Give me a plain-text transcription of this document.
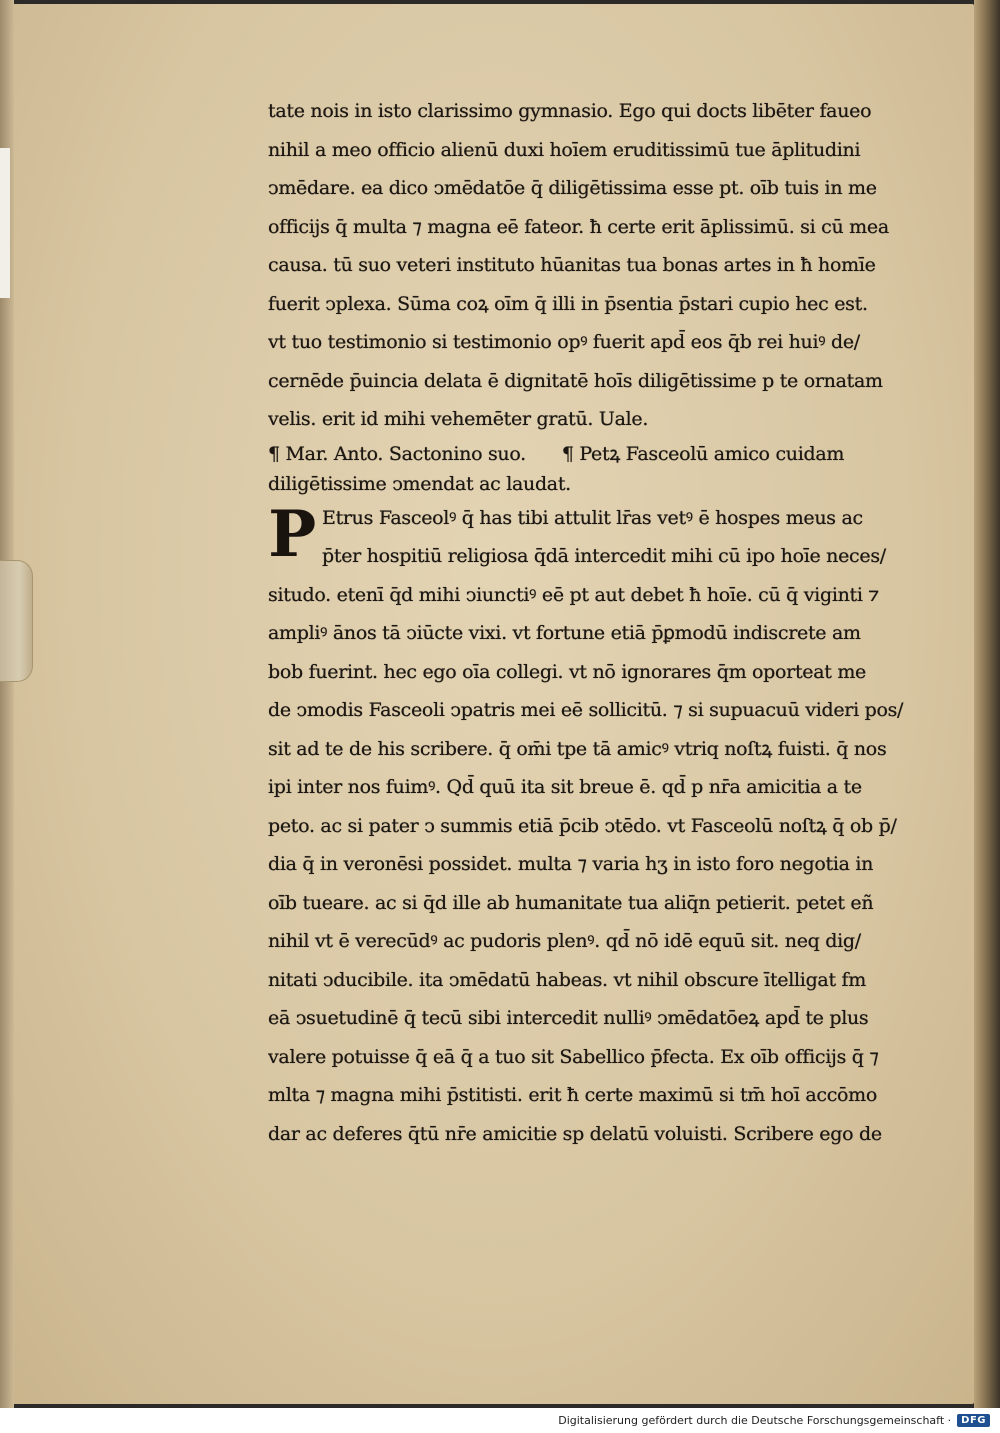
tate nois in isto clarissimo gymnasio. Ego qui docts libēter faueo
nihil a meo officio alienū duxi hoīem eruditissimū tue āplitudini
ↄmēdare. ea dico ↄmēdatōe q̄ diligētissima esse pt. oīb tuis in me
officijs q̄ multa ⁊ magna eē fateor. ħ certe erit āplissimū. si cū mea
causa. tū suo veteri instituto hūanitas tua bonas artes in ħ homīe
fuerit ↄplexa. Sūma coꝝ oīm q̄ illi in p̄sentia p̄stari cupio hec est.
vt tuo testimonio si testimonio opꝰ fuerit apd̄ eos q̄b rei huiꝰ de/
cernēde p̄uincia delata ē dignitatē hoīs diligētissime p te ornatam
velis. erit id mihi vehemēter gratū. Uale.
¶ Mar. Anto. Sactonino suo. ¶ Petꝝ Fasceolū amico cuidam
diligētissime ↄmendat ac laudat.
P Etrus Fasceolꝰ q̄ has tibi attulit lr̄as vetꝰ ē hospes meus ac
p̄ter hospitiū religiosa q̄dā intercedit mihi cū ipo hoīe neces/
situdo. etenī q̄d mihi ↄiunctiꝰ eē pt aut debet ħ hoīe. cū q̄ viginti ⁊
ampliꝰ ānos tā ↄiūcte vixi. vt fortune etiā p̄ꝑmodū indiscrete am
bob fuerint. hec ego oīa collegi. vt nō ignorares q̄m oporteat me
de ↄmodis Fasceoli ↄpatris mei eē sollicitū. ⁊ si supuacuū videri pos/
sit ad te de his scribere. q̄ om̄i tpe tā amicꝰ vtriq noſtꝝ fuisti. q̄ nos
ipi inter nos fuimꝰ. Qd̄ quū ita sit breue ē. qd̄ p nr̄a amicitia a te
peto. ac si pater ↄ summis etiā p̄cib ↄtēdo. vt Fasceolū noſtꝝ q̄ ob p̄/
dia q̄ in veronēsi possidet. multa ⁊ varia hʒ in isto foro negotia in
oīb tueare. ac si q̄d ille ab humanitate tua aliq̄n petierit. petet eñ
nihil vt ē verecūdꝰ ac pudoris plenꝰ. qd̄ nō idē equū sit. neq dig/
nitati ↄducibile. ita ↄmēdatū habeas. vt nihil obscure ītelligat fm
eā ↄsuetudinē q̄ tecū sibi intercedit nulliꝰ ↄmēdatōeꝝ apd̄ te plus
valere potuisse q̄ eā q̄ a tuo sit Sabellico p̄fecta. Ex oīb officijs q̄ ⁊
mlta ⁊ magna mihi p̄stitisti. erit ħ certe maximū si tm̄ hoī accōmo
dar ac deferes q̄tū nr̄e amicitie sp delatū voluisti. Scribere ego de
Digitalisierung gefördert durch die Deutsche Forschungsgemeinschaft ·	DFG
